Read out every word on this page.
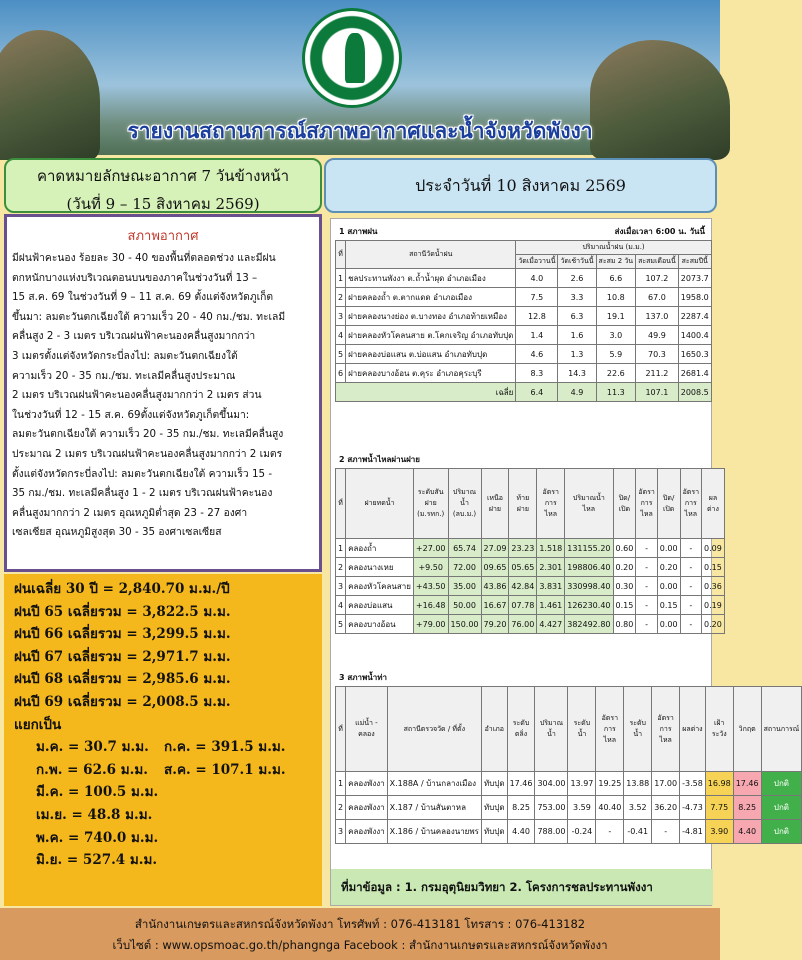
รายงานสถานการณ์สภาพอากาศและน้ำจังหวัดพังงา
คาดหมายลักษณะอากาศ 7 วันข้างหน้า
(วันที่ 9 – 15 สิงหาคม 2569)
ประจำวันที่ 10 สิงหาคม 2569
สภาพอากาศ
มีฝนฟ้าคะนอง ร้อยละ 30 - 40 ของพื้นที่ตลอดช่วง และมีฝน
ตกหนักบางแห่งบริเวณตอนบนของภาคในช่วงวันที่ 13 –
15 ส.ค. 69 ในช่วงวันที่ 9 – 11 ส.ค. 69 ตั้งแต่จังหวัดภูเก็ต
ขึ้นมา: ลมตะวันตกเฉียงใต้ ความเร็ว 20 - 40 กม./ชม. ทะเลมี
คลื่นสูง 2 - 3 เมตร บริเวณฝนฟ้าคะนองคลื่นสูงมากกว่า
3 เมตรตั้งแต่จังหวัดกระบี่ลงไป: ลมตะวันตกเฉียงใต้
ความเร็ว 20 - 35 กม./ชม. ทะเลมีคลื่นสูงประมาณ
2 เมตร บริเวณฝนฟ้าคะนองคลื่นสูงมากกว่า 2 เมตร ส่วน
ในช่วงวันที่ 12 - 15 ส.ค. 69ตั้งแต่จังหวัดภูเก็ตขึ้นมา:
ลมตะวันตกเฉียงใต้ ความเร็ว 20 - 35 กม./ชม. ทะเลมีคลื่นสูง
ประมาณ 2 เมตร บริเวณฝนฟ้าคะนองคลื่นสูงมากกว่า 2 เมตร
ตั้งแต่จังหวัดกระบี่ลงไป: ลมตะวันตกเฉียงใต้ ความเร็ว 15 -
35 กม./ชม. ทะเลมีคลื่นสูง 1 - 2 เมตร บริเวณฝนฟ้าคะนอง
คลื่นสูงมากกว่า 2 เมตร อุณหภูมิต่ำสุด 23 - 27 องศา
เซลเซียส อุณหภูมิสูงสุด 30 - 35 องศาเซลเซียส
ฝนเฉลี่ย 30 ปี = 2,840.70 ม.ม./ปี
ฝนปี 65 เฉลี่ยรวม = 3,822.5 ม.ม.
ฝนปี 66 เฉลี่ยรวม = 3,299.5 ม.ม.
ฝนปี 67 เฉลี่ยรวม = 2,971.7 ม.ม.
ฝนปี 68 เฉลี่ยรวม = 2,985.6 ม.ม.
ฝนปี 69 เฉลี่ยรวม = 2,008.5 ม.ม.
แยกเป็น
ม.ค. = 30.7 ม.ม.	ก.ค. = 391.5 ม.ม.
ก.พ. = 62.6 ม.ม.	ส.ค. = 107.1 ม.ม.
มี.ค. = 100.5 ม.ม.
เม.ย. = 48.8 ม.ม.
พ.ค. = 740.0 ม.ม.
มิ.ย. = 527.4 ม.ม.
1 สภาพฝน	ส่งเมื่อเวลา 6:00 น. วันนี้
ที่	สถานีวัดน้ำฝน	ปริมาณน้ำฝน (ม.ม.)				
		วัดเมื่อวานนี้	วัดเช้าวันนี้	สะสม 2 วัน	สะสมเดือนนี้	สะสมปีนี้
1	ชลประทานพังงา ต.ถ้ำน้ำผุด อำเภอเมือง	4.0	2.6	6.6	107.2	2073.7
2	ฝายคลองถ้ำ ต.ตากแดด อำเภอเมือง	7.5	3.3	10.8	67.0	1958.0
3	ฝายคลองนางย่อง ต.บางทอง อำเภอท้ายเหมือง	12.8	6.3	19.1	137.0	2287.4
4	ฝายคลองหัวโคลนสาย ต.โคกเจริญ อำเภอทับปุด	1.4	1.6	3.0	49.9	1400.4
5	ฝายคลองบ่อแสน ต.บ่อแสน อำเภอทับปุด	4.6	1.3	5.9	70.3	1650.3
6	ฝายคลองบางอ้อน ต.คุระ อำเภอคุระบุรี	8.3	14.3	22.6	211.2	2681.4
เฉลี่ย		6.4	4.9	11.3	107.1	2008.5
2 สภาพน้ำไหลผ่านฝาย
ที่	ฝายทดน้ำ	ระดับสันฝาย (ม.รทก.)	ปริมาณน้ำ (ลบ.ม.)	เหนือฝาย	ท้ายฝาย	อัตราการไหล	ปริมาณน้ำไหล	ปิด/เปิด	อัตราการไหล	ปิด/เปิด	อัตราการไหล	ผลต่าง
1	คลองถ้ำ	+27.00	65.74	27.09	23.23	1.518	131155.20	0.60	-	0.00	-	0.09
2	คลองนางเหย	+9.50	72.00	09.65	05.65	2.301	198806.40	0.20	-	0.20	-	0.15
3	คลองหัวโคลนสาย	+43.50	35.00	43.86	42.84	3.831	330998.40	0.30	-	0.00	-	0.36
4	คลองบ่อแสน	+16.48	50.00	16.67	07.78	1.461	126230.40	0.15	-	0.15	-	0.19
5	คลองบางอ้อน	+79.00	150.00	79.20	76.00	4.427	382492.80	0.80	-	0.00	-	0.20
3 สภาพน้ำท่า
ที่	แม่น้ำ - คลอง	สถานีตรวจวัด / ที่ตั้ง	อำเภอ	ระดับตลิ่ง	ปริมาณน้ำ	ระดับน้ำ	อัตราการไหล	ระดับน้ำ	อัตราการไหล	ผลต่าง	เฝ้าระวัง	วิกฤต	สถานการณ์
1	คลองพังงา	X.188A / บ้านกลางเมือง	ทับปุด	17.46	304.00	13.97	19.25	13.88	17.00	-3.58	16.98	17.46	ปกติ
2	คลองพังงา	X.187 / บ้านสันตาหล	ทับปุด	8.25	753.00	3.59	40.40	3.52	36.20	-4.73	7.75	8.25	ปกติ
3	คลองพังงา	X.186 / บ้านคลองนายพร	ทับปุด	4.40	788.00	-0.24	-	-0.41	-	-4.81	3.90	4.40	ปกติ
ที่มาข้อมูล : 1. กรมอุตุนิยมวิทยา 2. โครงการชลประทานพังงา
สำนักงานเกษตรและสหกรณ์จังหวัดพังงา โทรศัพท์ : 076-413181 โทรสาร : 076-413182
เว็บไซต์ : www.opsmoac.go.th/phangnga Facebook : สำนักงานเกษตรและสหกรณ์จังหวัดพังงา
